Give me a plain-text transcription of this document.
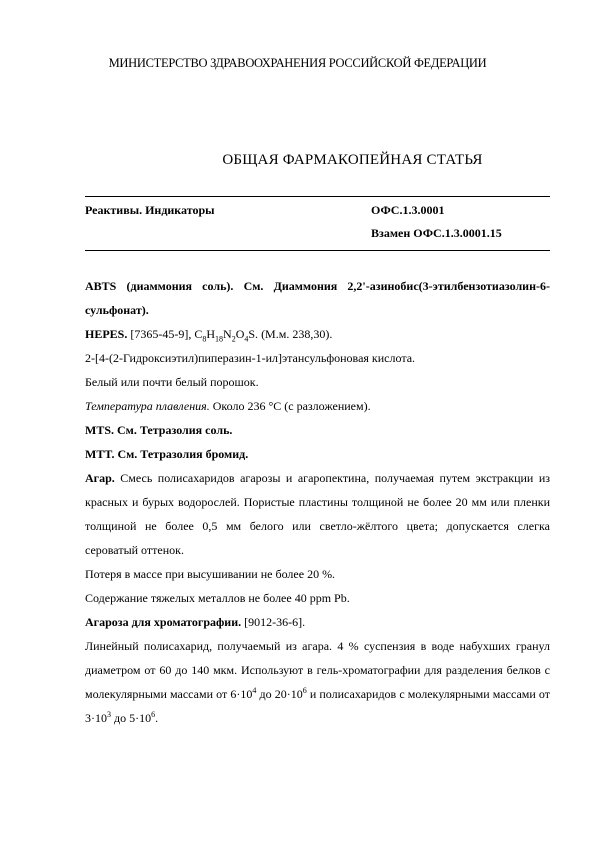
МИНИСТЕРСТВО ЗДРАВООХРАНЕНИЯ РОССИЙСКОЙ ФЕДЕРАЦИИ
ОБЩАЯ ФАРМАКОПЕЙНАЯ СТАТЬЯ
Реактивы. Индикаторы	ОФС.1.3.0001
Взамен ОФС.1.3.0001.15

ABTS (диаммония соль). См. Диаммония 2,2'-азинобис(3-этилбензотиазолин-6-сульфонат).

HEPES. [7365-45-9], $C_8H_{18}N_2O_4S$. (М.м. 238,30).

2-[4-(2-Гидроксиэтил)пиперазин-1-ил]этансульфоновая кислота.

Белый или почти белый порошок.

Температура плавления. Около 236 °С (с разложением).

MTS. См. Тетразолия соль.

MTT. См. Тетразолия бромид.

Агар. Смесь полисахаридов агарозы и агаропектина, получаемая путем экстракции из красных и бурых водорослей. Пористые пластины толщиной не более 20 мм или пленки толщиной не более 0,5 мм белого или светло-жёлтого цвета; допускается слегка сероватый оттенок.

Потеря в массе при высушивании не более 20 %.

Содержание тяжелых металлов не более 40 ppm Pb.

Агароза для хроматографии. [9012-36-6].

Линейный полисахарид, получаемый из агара. 4 % суспензия в воде набухших гранул диаметром от 60 до 140 мкм. Используют в гель-хроматографии для разделения белков с молекулярными массами от $6\cdot 10^4$ до $20\cdot 10^6$ и полисахаридов с молекулярными массами от $3\cdot 10^3$ до $5\cdot 10^6$.
